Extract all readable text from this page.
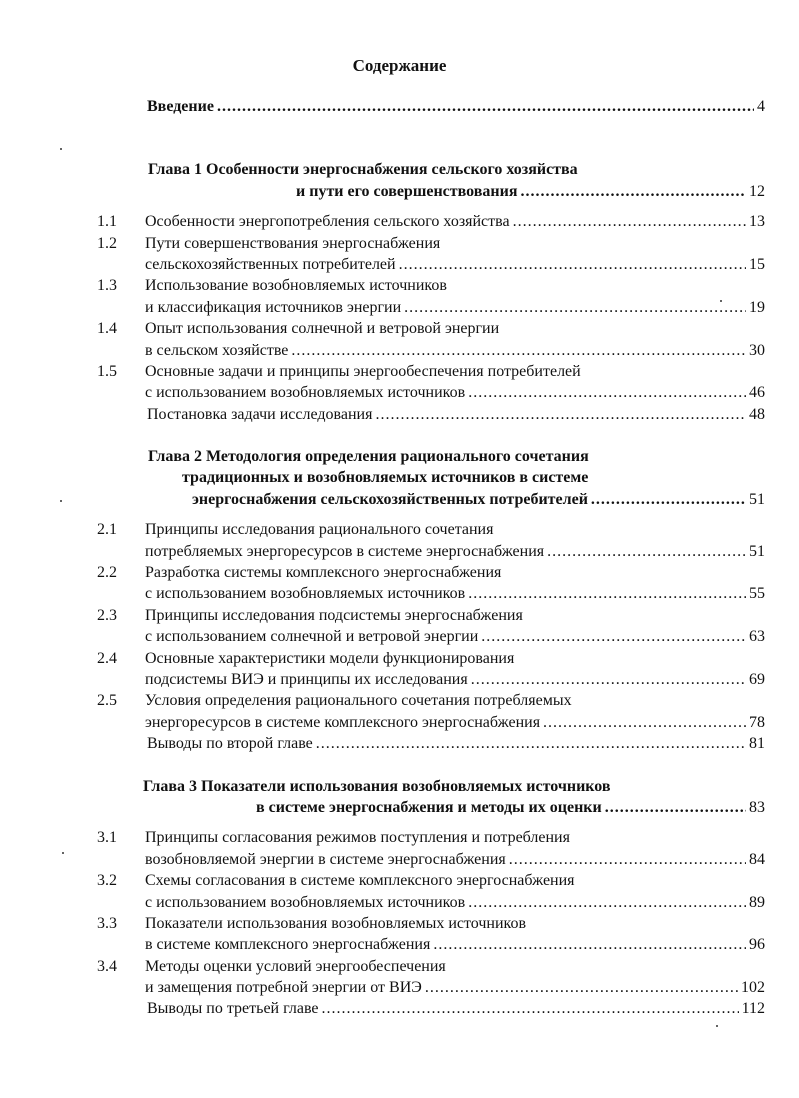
Содержание
Введение .....	4
Глава 1 Особенности энергоснабжения сельского хозяйства
и пути его совершенствования .....	12
1.1 Особенности энергопотребления сельского хозяйства .....	13
1.2 Пути совершенствования энергоснабжения
сельскохозяйственных потребителей .....	15
1.3 Использование возобновляемых источников
и классификация источников энергии .....	19
1.4 Опыт использования солнечной и ветровой энергии
в сельском хозяйстве .....	30
1.5 Основные задачи и принципы энергообеспечения потребителей
с использованием возобновляемых источников .....	46
Постановка задачи исследования .....	48
Глава 2 Методология определения рационального сочетания
традиционных и возобновляемых источников в системе
энергоснабжения сельскохозяйственных потребителей .....	51
2.1 Принципы исследования рационального сочетания
потребляемых энергоресурсов в системе энергоснабжения .....	51
2.2 Разработка системы комплексного энергоснабжения
с использованием возобновляемых источников .....	55
2.3 Принципы исследования подсистемы энергоснабжения
с использованием солнечной и ветровой энергии .....	63
2.4 Основные характеристики модели функционирования
подсистемы ВИЭ и принципы их исследования .....	69
2.5 Условия определения рационального сочетания потребляемых
энергоресурсов в системе комплексного энергоснабжения .....	78
Выводы по второй главе .....	81
Глава 3 Показатели использования возобновляемых источников
в системе энергоснабжения и методы их оценки .....	83
3.1 Принципы согласования режимов поступления и потребления
возобновляемой энергии в системе энергоснабжения .....	84
3.2 Схемы согласования в системе комплексного энергоснабжения
с использованием возобновляемых источников .....	89
3.3 Показатели использования возобновляемых источников
в системе комплексного энергоснабжения .....	96
3.4 Методы оценки условий энергообеспечения
и замещения потребной энергии от ВИЭ .....	102
Выводы по третьей главе .....	112
